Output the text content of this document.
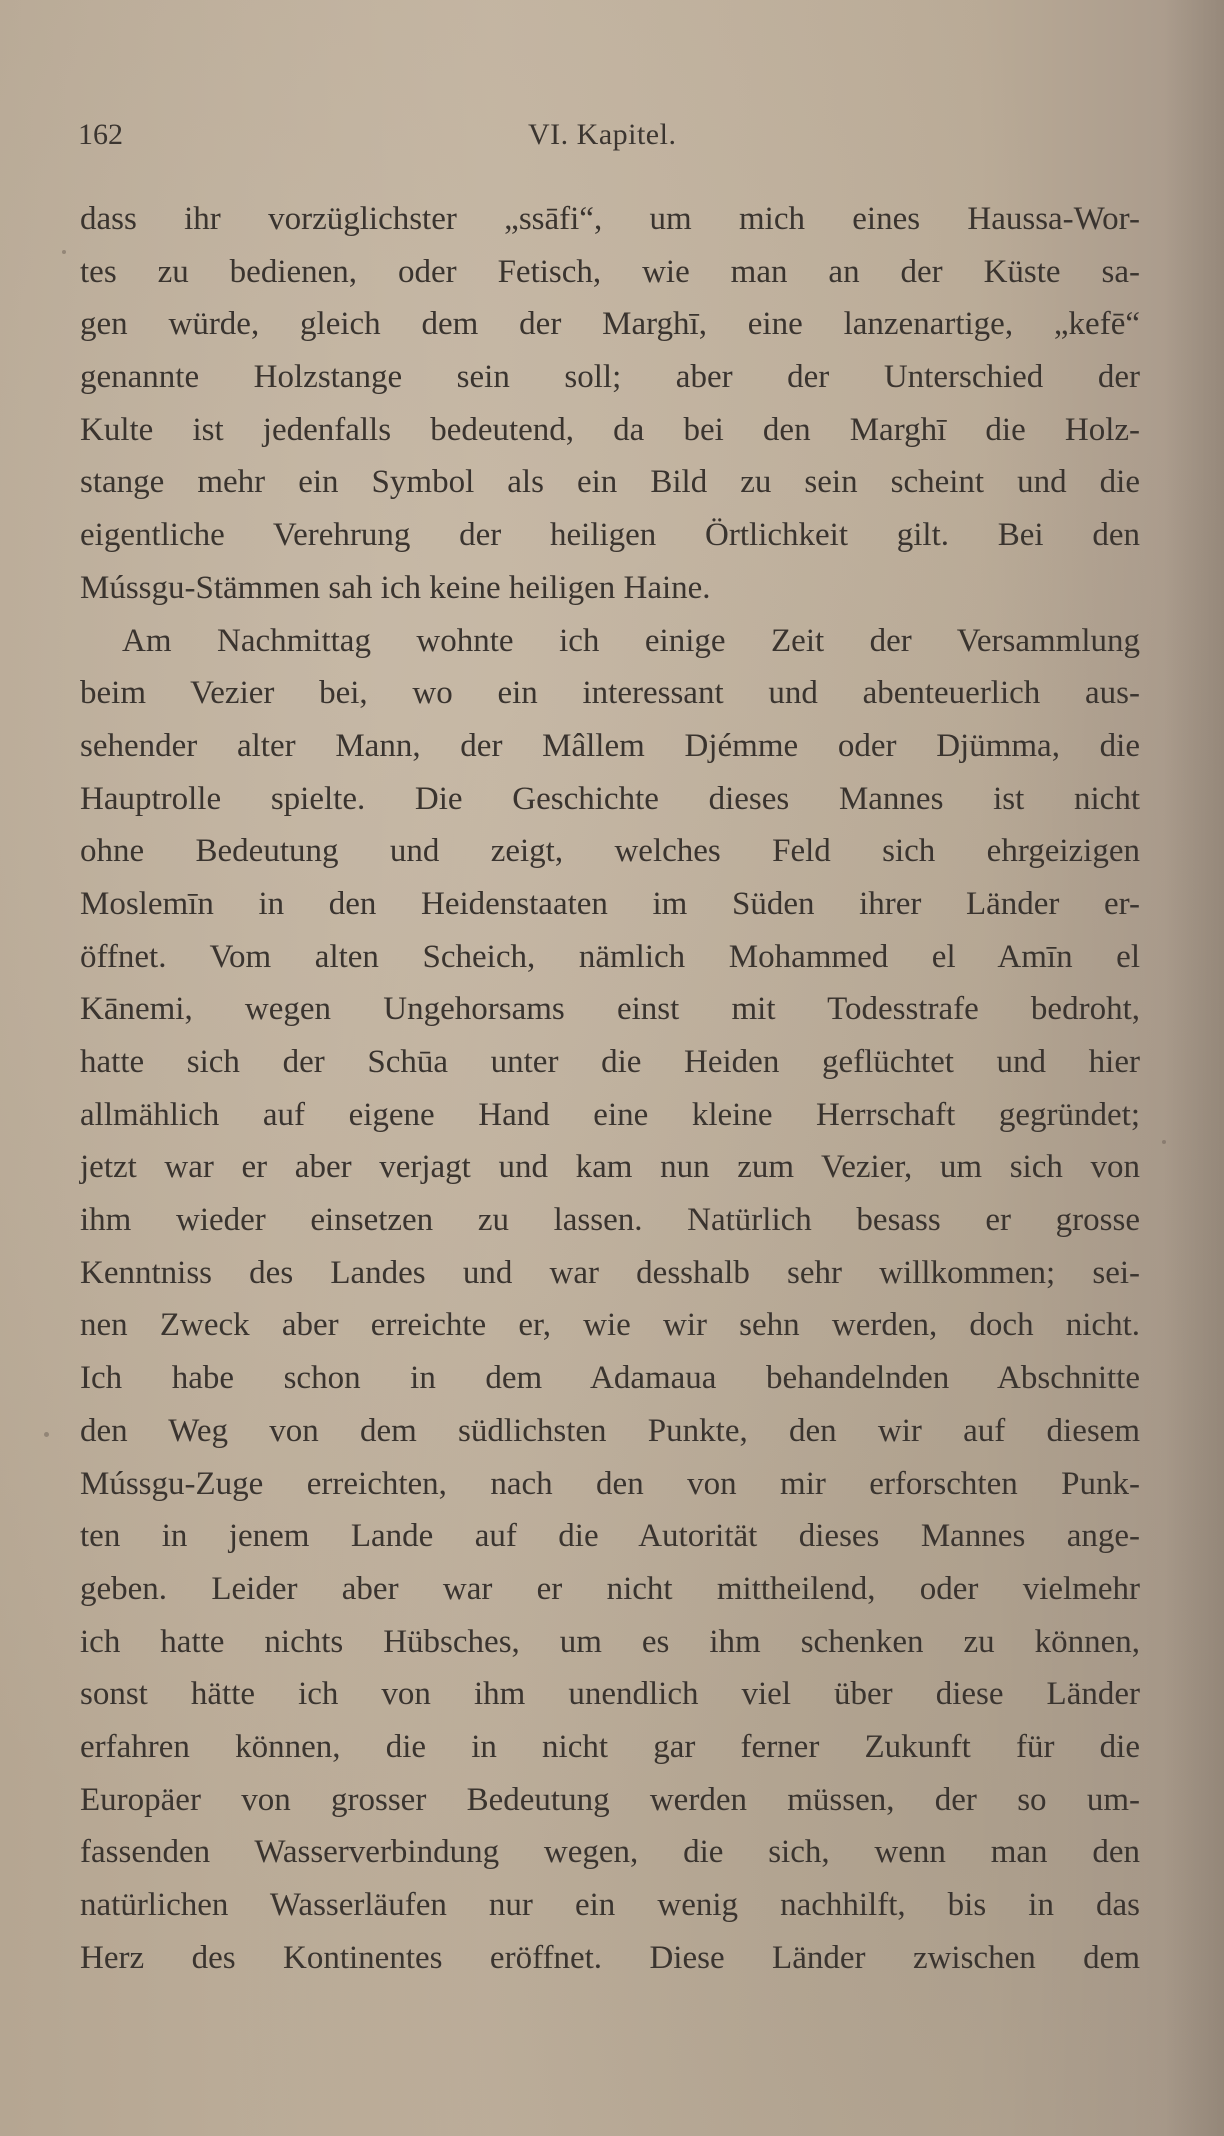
162	VI. Kapitel.
dass ihr vorzüglichster „ssāfi“, um mich eines Haussa-Wor-
tes zu bedienen, oder Fetisch, wie man an der Küste sa-
gen würde, gleich dem der Marghī, eine lanzenartige, „kefē“
genannte Holzstange sein soll; aber der Unterschied der
Kulte ist jedenfalls bedeutend, da bei den Marghī die Holz-
stange mehr ein Symbol als ein Bild zu sein scheint und die
eigentliche Verehrung der heiligen Örtlichkeit gilt. Bei den
Mússgu-Stämmen sah ich keine heiligen Haine.
Am Nachmittag wohnte ich einige Zeit der Versammlung
beim Vezier bei, wo ein interessant und abenteuerlich aus-
sehender alter Mann, der Mâllem Djémme oder Djümma, die
Hauptrolle spielte. Die Geschichte dieses Mannes ist nicht
ohne Bedeutung und zeigt, welches Feld sich ehrgeizigen
Moslemīn in den Heidenstaaten im Süden ihrer Länder er-
öffnet. Vom alten Scheich, nämlich Mohammed el Amīn el
Kānemi, wegen Ungehorsams einst mit Todesstrafe bedroht,
hatte sich der Schūa unter die Heiden geflüchtet und hier
allmählich auf eigene Hand eine kleine Herrschaft gegründet;
jetzt war er aber verjagt und kam nun zum Vezier, um sich von
ihm wieder einsetzen zu lassen. Natürlich besass er grosse
Kenntniss des Landes und war desshalb sehr willkommen; sei-
nen Zweck aber erreichte er, wie wir sehn werden, doch nicht.
Ich habe schon in dem Adamaua behandelnden Abschnitte
den Weg von dem südlichsten Punkte, den wir auf diesem
Mússgu-Zuge erreichten, nach den von mir erforschten Punk-
ten in jenem Lande auf die Autorität dieses Mannes ange-
geben. Leider aber war er nicht mittheilend, oder vielmehr
ich hatte nichts Hübsches, um es ihm schenken zu können,
sonst hätte ich von ihm unendlich viel über diese Länder
erfahren können, die in nicht gar ferner Zukunft für die
Europäer von grosser Bedeutung werden müssen, der so um-
fassenden Wasserverbindung wegen, die sich, wenn man den
natürlichen Wasserläufen nur ein wenig nachhilft, bis in das
Herz des Kontinentes eröffnet. Diese Länder zwischen dem
